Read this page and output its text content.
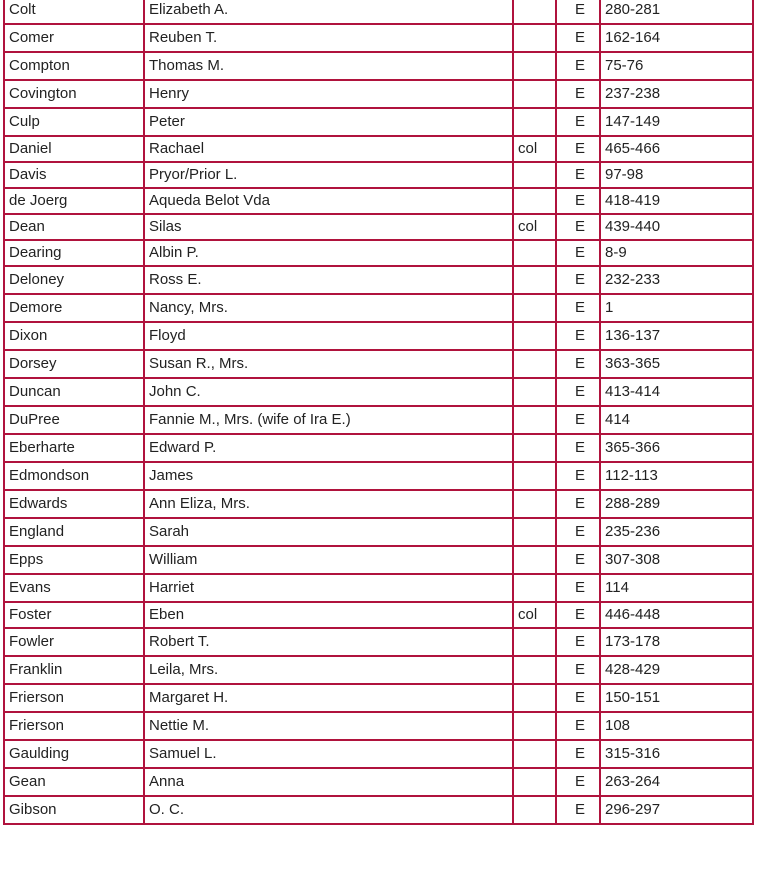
Colt	Elizabeth A.		E	280-281
Comer	Reuben T.		E	162-164
Compton	Thomas M.		E	75-76
Covington	Henry		E	237-238
Culp	Peter		E	147-149
Daniel	Rachael	col	E	465-466
Davis	Pryor/Prior L.		E	97-98
de Joerg	Aqueda Belot Vda		E	418-419
Dean	Silas	col	E	439-440
Dearing	Albin P.		E	8-9
Deloney	Ross E.		E	232-233
Demore	Nancy, Mrs.		E	1
Dixon	Floyd		E	136-137
Dorsey	Susan R., Mrs.		E	363-365
Duncan	John C.		E	413-414
DuPree	Fannie M., Mrs. (wife of Ira E.)		E	414
Eberharte	Edward P.		E	365-366
Edmondson	James		E	112-113
Edwards	Ann Eliza, Mrs.		E	288-289
England	Sarah		E	235-236
Epps	William		E	307-308
Evans	Harriet		E	114
Foster	Eben	col	E	446-448
Fowler	Robert T.		E	173-178
Franklin	Leila, Mrs.		E	428-429
Frierson	Margaret H.		E	150-151
Frierson	Nettie M.		E	108
Gaulding	Samuel L.		E	315-316
Gean	Anna		E	263-264
Gibson	O. C.		E	296-297
